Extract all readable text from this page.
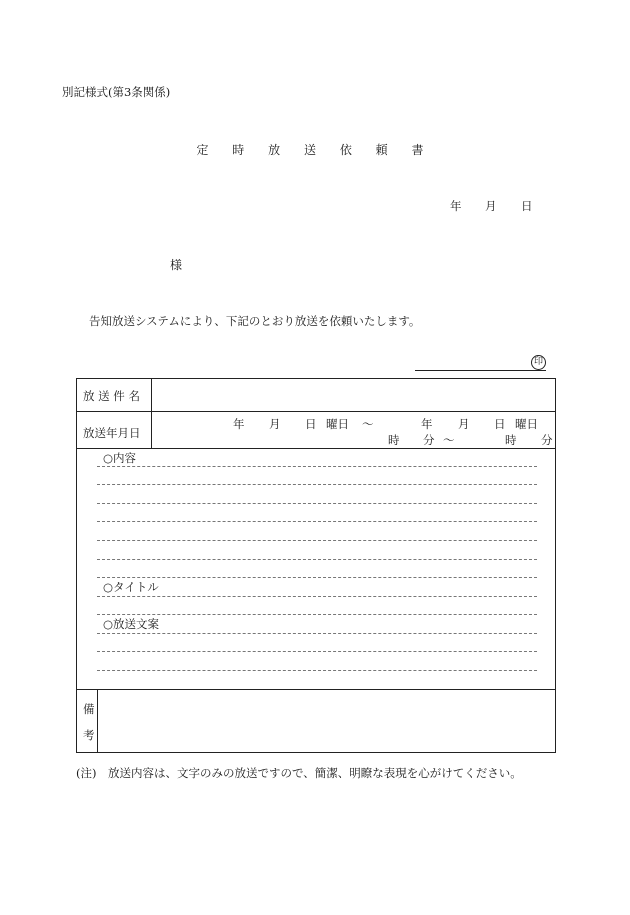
別記様式(第3条関係)
定 時 放 送 依 頼 書
年 月 日
様
告知放送システムにより、下記のとおり放送を依頼いたします。
印
放 送 件 名
放送年月日
年 月 日 曜日 〜	年 月 日 曜日
時 分 〜	時 分
○内容
○タイトル
○放送文案
備
考
(注)　放送内容は、文字のみの放送ですので、簡潔、明瞭な表現を心がけてください。
